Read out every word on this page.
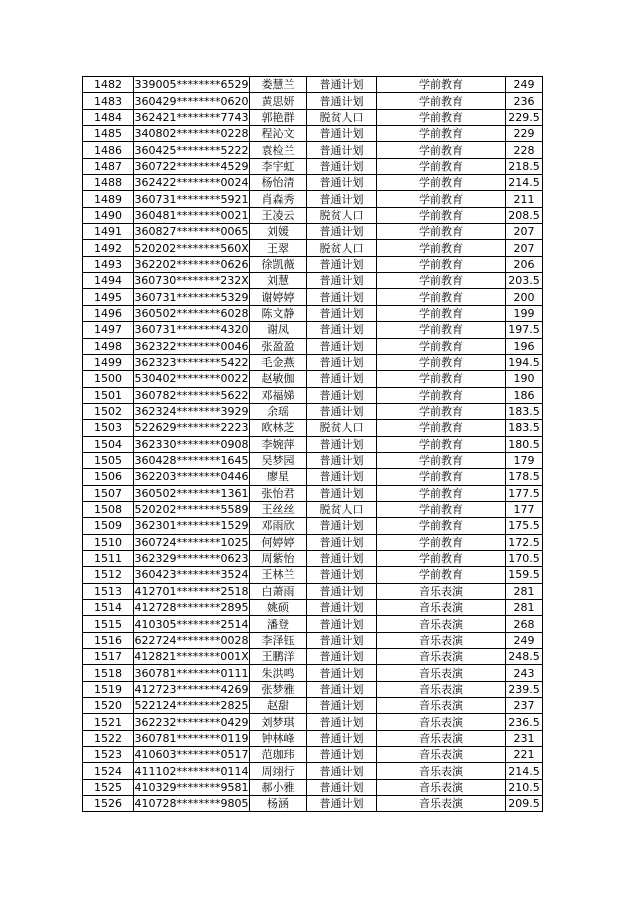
1482	339005********6529	娄慧兰	普通计划	学前教育	249
1483	360429********0620	黄思妍	普通计划	学前教育	236
1484	362421********7743	郭艳群	脱贫人口	学前教育	229.5
1485	340802********0228	程沁文	普通计划	学前教育	229
1486	360425********5222	袁检兰	普通计划	学前教育	228
1487	360722********4529	李宇虹	普通计划	学前教育	218.5
1488	362422********0024	杨怡清	普通计划	学前教育	214.5
1489	360731********5921	肖森秀	普通计划	学前教育	211
1490	360481********0021	王凌云	脱贫人口	学前教育	208.5
1491	360827********0065	刘媛	普通计划	学前教育	207
1492	520202********560X	王翠	脱贫人口	学前教育	207
1493	362202********0626	徐凯薇	普通计划	学前教育	206
1494	360730********232X	刘慧	普通计划	学前教育	203.5
1495	360731********5329	谢婷婷	普通计划	学前教育	200
1496	360502********6028	陈文静	普通计划	学前教育	199
1497	360731********4320	谢凤	普通计划	学前教育	197.5
1498	362322********0046	张盈盈	普通计划	学前教育	196
1499	362323********5422	毛金燕	普通计划	学前教育	194.5
1500	530402********0022	赵敏伽	普通计划	学前教育	190
1501	360782********5622	邓福娣	普通计划	学前教育	186
1502	362324********3929	余瑶	普通计划	学前教育	183.5
1503	522629********2223	欧林芝	脱贫人口	学前教育	183.5
1504	362330********0908	李婉萍	普通计划	学前教育	180.5
1505	360428********1645	吴梦园	普通计划	学前教育	179
1506	362203********0446	廖星	普通计划	学前教育	178.5
1507	360502********1361	张怡君	普通计划	学前教育	177.5
1508	520202********5589	王丝丝	脱贫人口	学前教育	177
1509	362301********1529	邓雨欣	普通计划	学前教育	175.5
1510	360724********1025	何婷婷	普通计划	学前教育	172.5
1511	362329********0623	周紫怡	普通计划	学前教育	170.5
1512	360423********3524	王林兰	普通计划	学前教育	159.5
1513	412701********2518	白萧雨	普通计划	音乐表演	281
1514	412728********2895	姚硕	普通计划	音乐表演	281
1515	410305********2514	潘登	普通计划	音乐表演	268
1516	622724********0028	李泽钰	普通计划	音乐表演	249
1517	412821********001X	王鹏洋	普通计划	音乐表演	248.5
1518	360781********0111	朱洪鸣	普通计划	音乐表演	243
1519	412723********4269	张梦雅	普通计划	音乐表演	239.5
1520	522124********2825	赵甜	普通计划	音乐表演	237
1521	362232********0429	刘梦琪	普通计划	音乐表演	236.5
1522	360781********0119	钟林峰	普通计划	音乐表演	231
1523	410603********0517	范珈玮	普通计划	音乐表演	221
1524	411102********0114	周翊行	普通计划	音乐表演	214.5
1525	410329********9581	郝小雅	普通计划	音乐表演	210.5
1526	410728********9805	杨涵	普通计划	音乐表演	209.5
